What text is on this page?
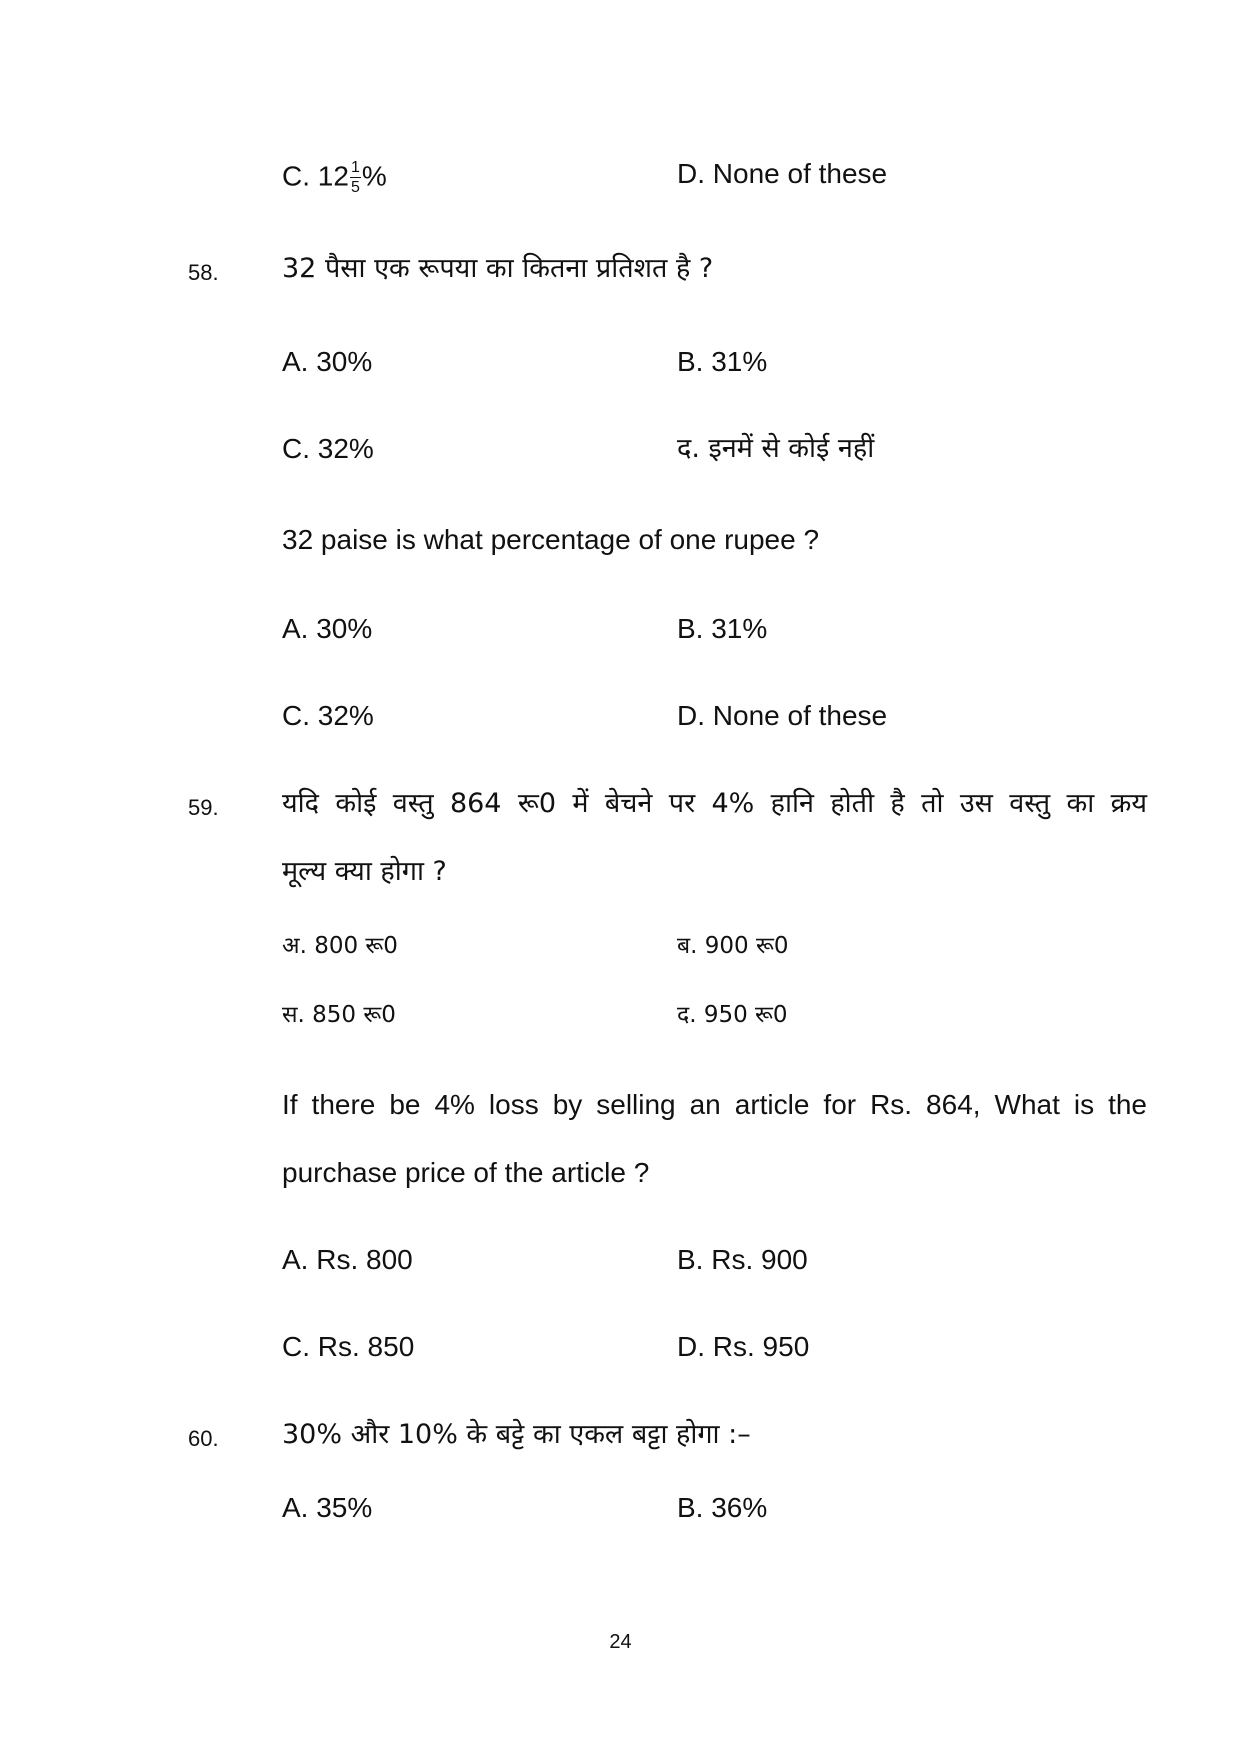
C. $12 \frac{1}{5}$ %	D. None of these
58. 32 पैसा एक रूपया का कितना प्रतिशत है ?
A. 30%	B. 31%
C. 32%	द. इनमें से कोई नहीं
32 paise is what percentage of one rupee ?
A. 30%	B. 31%
C. 32%	D. None of these
59. यदि कोई वस्तु 864 रू0 में बेचने पर 4% हानि होती है तो उस वस्तु का क्रय
मूल्य क्या होगा ?
अ. 800 रू0	ब. 900 रू0
स. 850 रू0	द. 950 रू0
If there be 4% loss by selling an article for Rs. 864, What is the
purchase price of the article ?
A. Rs. 800	B. Rs. 900
C. Rs. 850	D. Rs. 950
60. 30% और 10% के बट्टे का एकल बट्टा होगा :–
A. 35%	B. 36%
24
